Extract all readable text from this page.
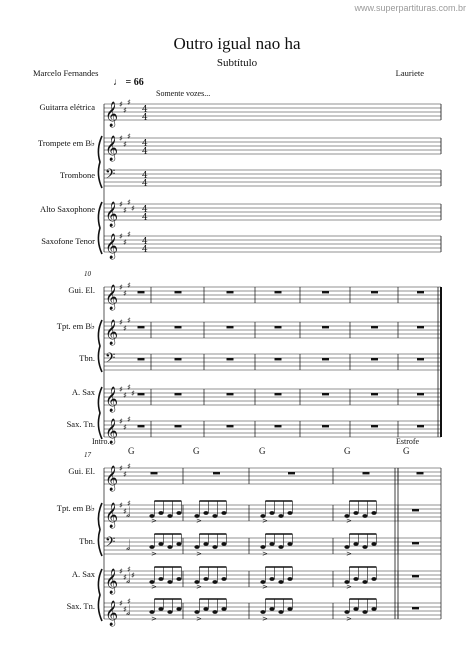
www.superpartituras.com.br
Outro igual nao ha
Subtítulo
Marcelo Fernandes	Lauriete
♩ = 66
Somente vozes...
Guitarra elétrica
Trompete em B♭
Trombone
Alto Saxophone
Saxofone Tenor
10
Gui. El.
Tpt. em B♭
Tbn.
A. Sax
Sax. Tn.
17
Intro.	Estrofe
G	G	G	G	G
Gui. El.
Tpt. em B♭
Tbn.
A. Sax
Sax. Tn.
𝄞 ♯
♯
♯
4
4
𝄞 ♯
♯
♯
4
4
𝄢	4
4
𝄞 ♯
♯
♯
♯ 4
4
𝄞 ♯
♯
♯
4
4
𝄞 ♯
♯
♯
𝄞 ♯
♯
♯
𝄢
𝄞 ♯
♯
♯
♯
𝄞 ♯
♯
♯
𝄞 ♯
♯
♯
𝄞 ♯
♯
♯
𝅗𝅥	>	>	>	>
𝄢 𝅗𝅥	>	>	>	>
𝄞 ♯
♯
♯
♯
𝅗𝅥	>	>	>	>
𝄞 ♯
♯
♯
𝅗𝅥	>	>	>	>
